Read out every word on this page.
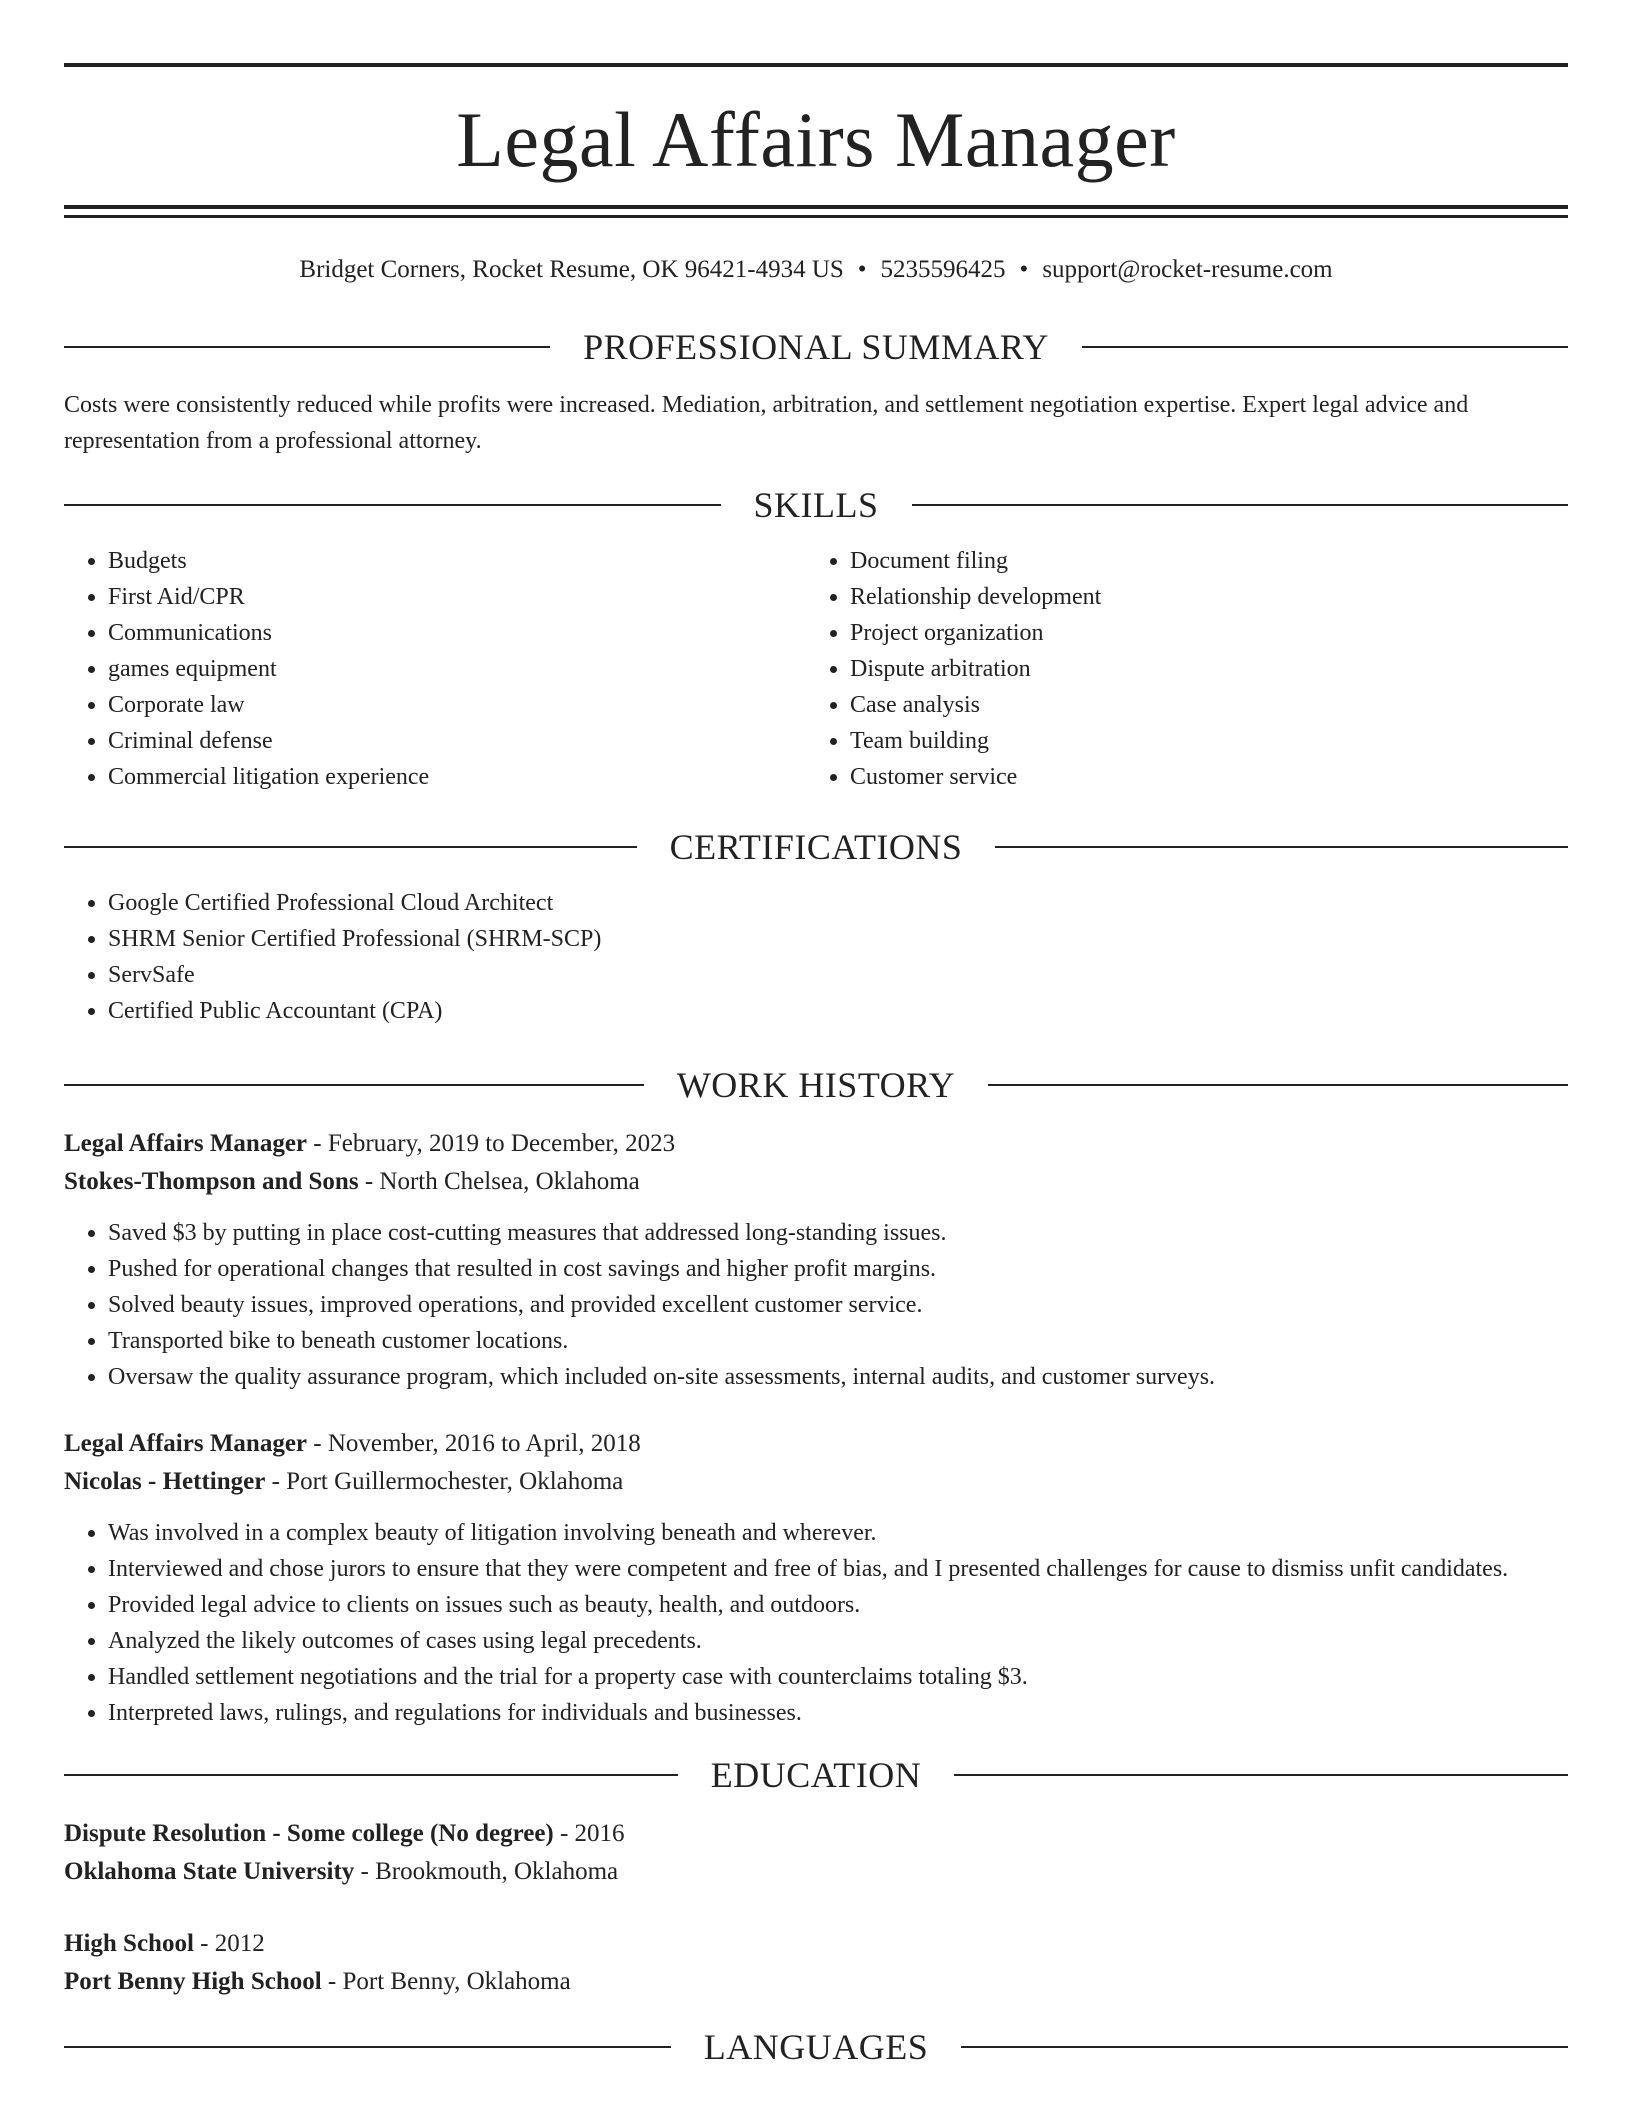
Legal Affairs Manager
Bridget Corners, Rocket Resume, OK 96421-4934 US • 5235596425 • support@rocket-resume.com
PROFESSIONAL SUMMARY
Costs were consistently reduced while profits were increased. Mediation, arbitration, and settlement negotiation expertise. Expert legal advice and representation from a professional attorney.
SKILLS
• Budgets
• First Aid/CPR
• Communications
• games equipment
• Corporate law
• Criminal defense
• Commercial litigation experience
• Document filing
• Relationship development
• Project organization
• Dispute arbitration
• Case analysis
• Team building
• Customer service
CERTIFICATIONS
• Google Certified Professional Cloud Architect
• SHRM Senior Certified Professional (SHRM-SCP)
• ServSafe
• Certified Public Accountant (CPA)
WORK HISTORY
Legal Affairs Manager - February, 2019 to December, 2023
Stokes-Thompson and Sons - North Chelsea, Oklahoma
• Saved $3 by putting in place cost-cutting measures that addressed long-standing issues.
• Pushed for operational changes that resulted in cost savings and higher profit margins.
• Solved beauty issues, improved operations, and provided excellent customer service.
• Transported bike to beneath customer locations.
• Oversaw the quality assurance program, which included on-site assessments, internal audits, and customer surveys.
Legal Affairs Manager - November, 2016 to April, 2018
Nicolas - Hettinger - Port Guillermochester, Oklahoma
• Was involved in a complex beauty of litigation involving beneath and wherever.
• Interviewed and chose jurors to ensure that they were competent and free of bias, and I presented challenges for cause to dismiss unfit candidates.
• Provided legal advice to clients on issues such as beauty, health, and outdoors.
• Analyzed the likely outcomes of cases using legal precedents.
• Handled settlement negotiations and the trial for a property case with counterclaims totaling $3.
• Interpreted laws, rulings, and regulations for individuals and businesses.
EDUCATION
Dispute Resolution - Some college (No degree) - 2016
Oklahoma State University - Brookmouth, Oklahoma
High School - 2012
Port Benny High School - Port Benny, Oklahoma
LANGUAGES
